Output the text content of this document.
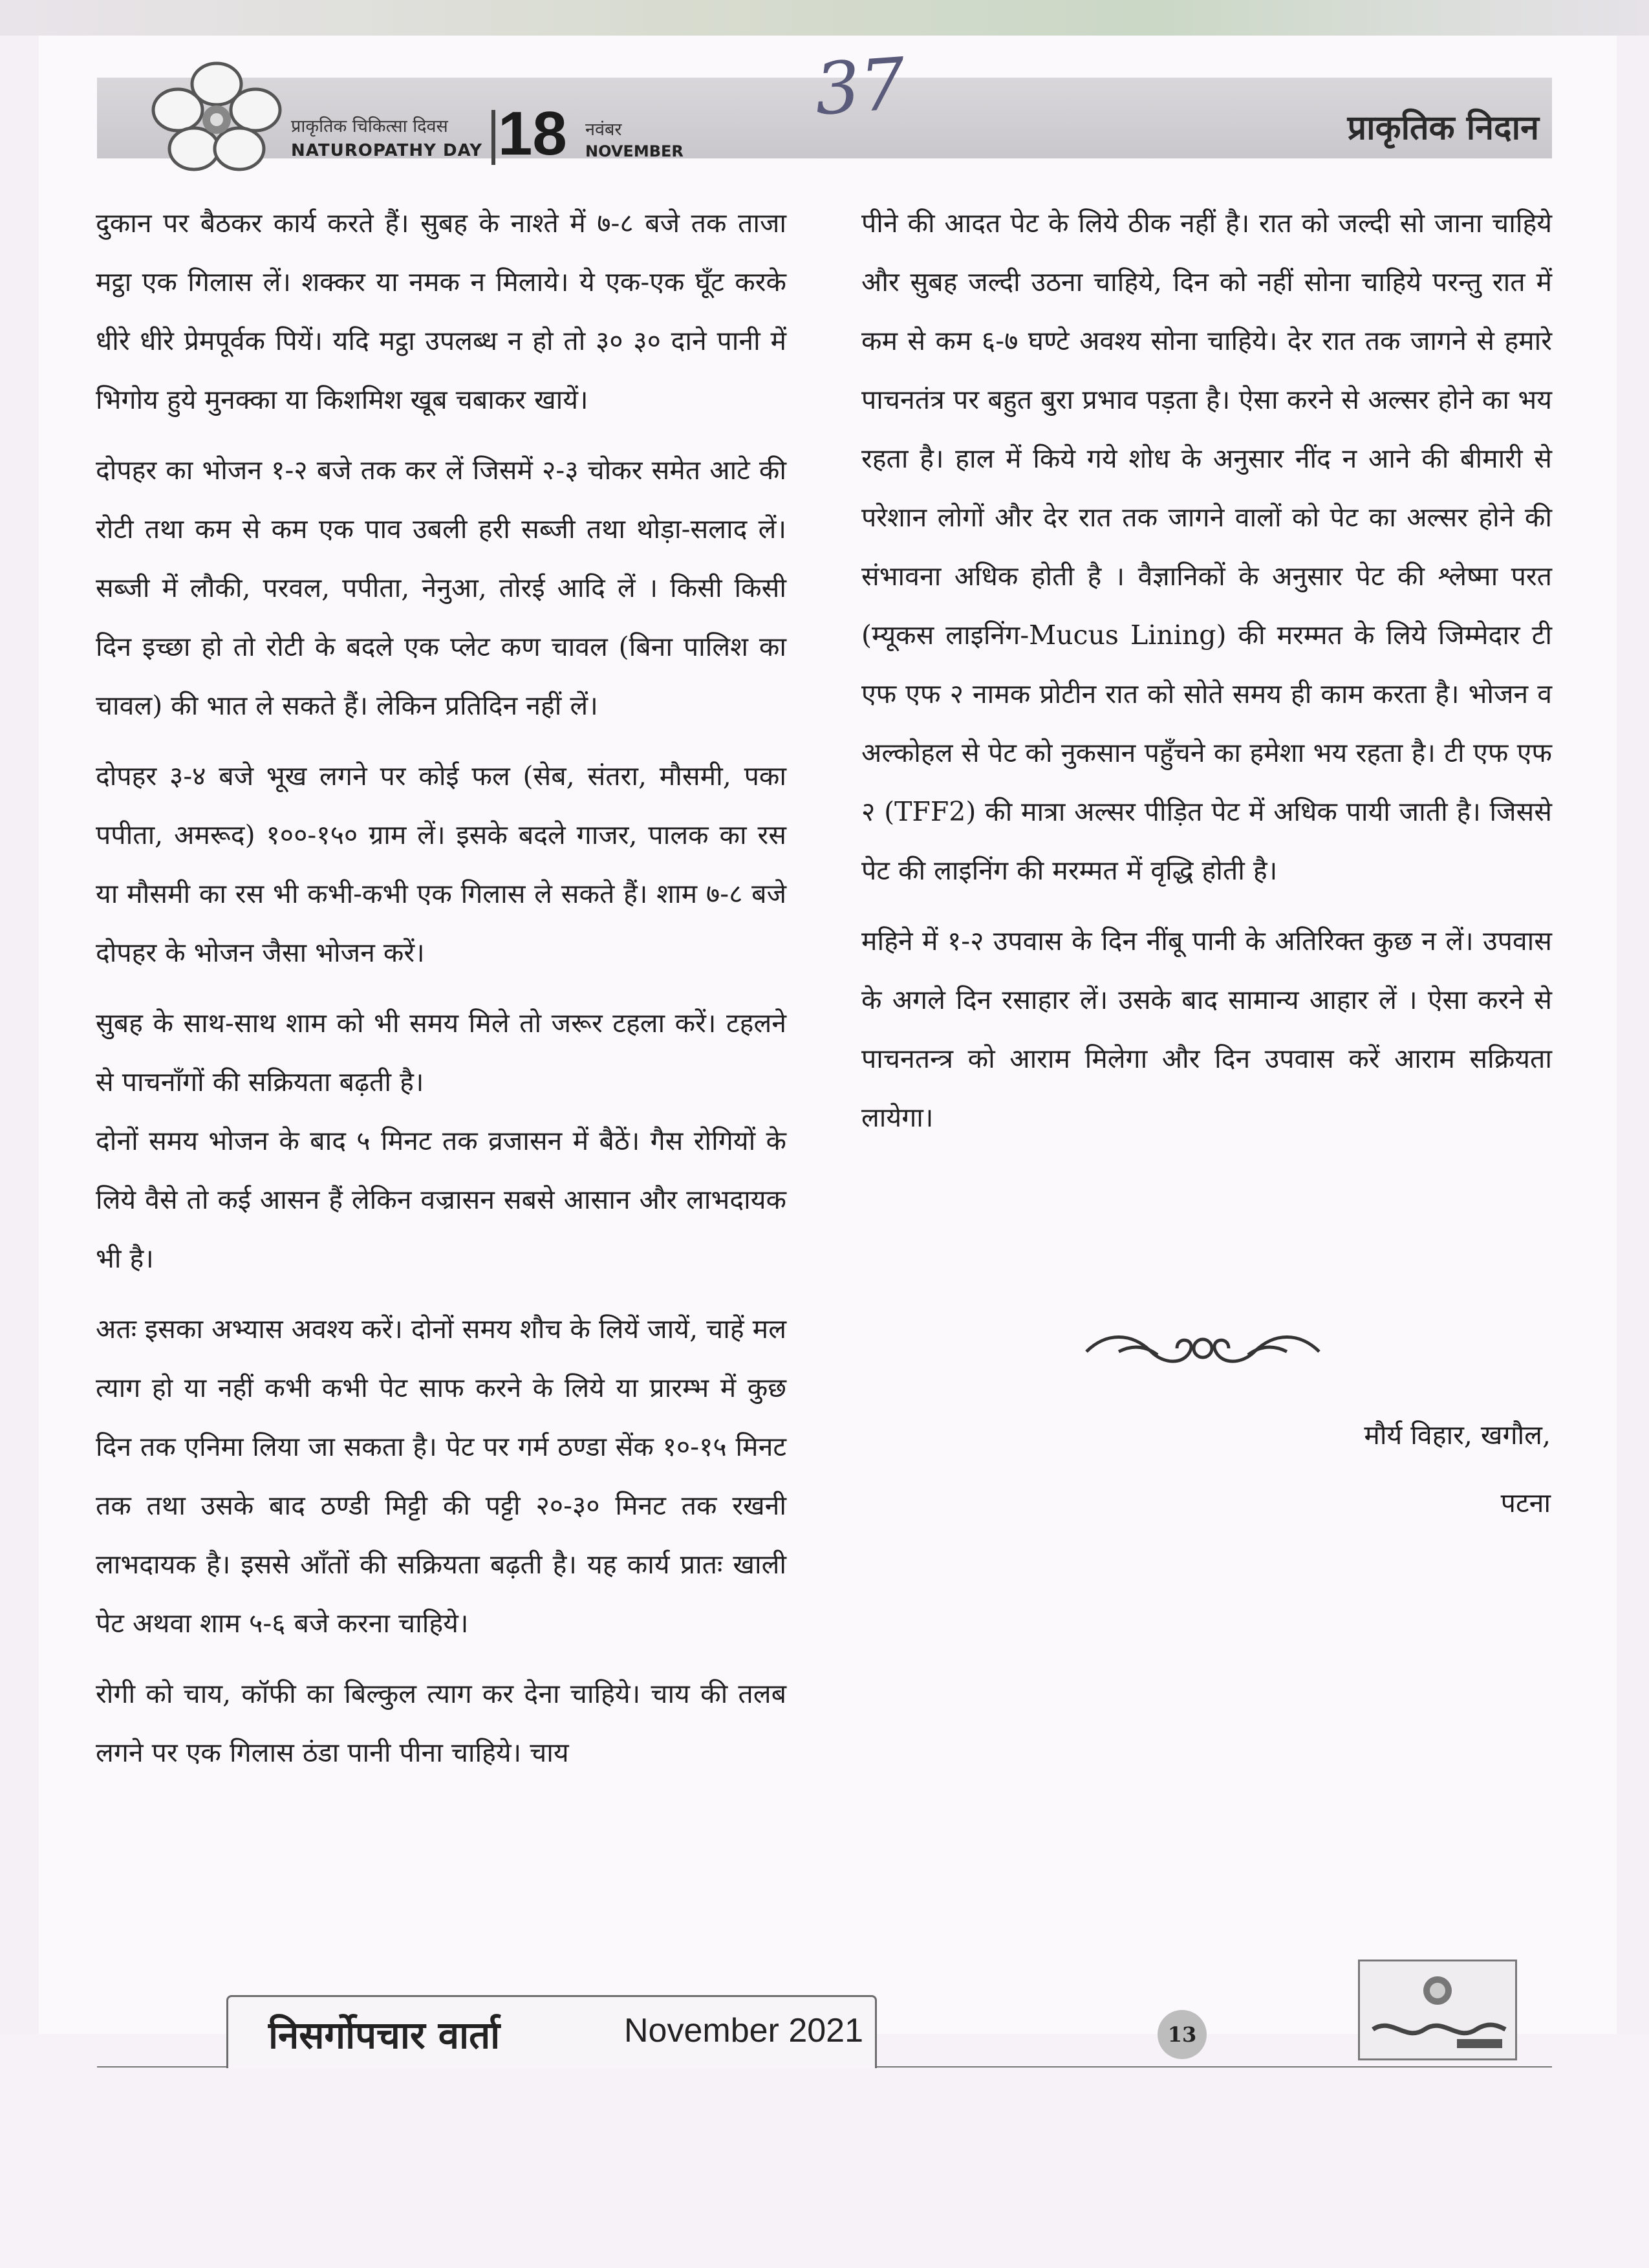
प्राकृतिक चिकित्सा दिवस
NATUROPATHY DAY 18 नवंबर
NOVEMBER
37	प्राकृतिक निदान

दुकान पर बैठकर कार्य करते हैं। सुबह के नाश्ते में ७-८ बजे तक ताजा मट्ठा एक गिलास लें। शक्कर या नमक न मिलाये। ये एक-एक घूँट करके धीरे धीरे प्रेमपूर्वक पियें। यदि मट्ठा उपलब्ध न हो तो ३० ३० दाने पानी में भिगोय हुये मुनक्का या किशमिश खूब चबाकर खायें।

दोपहर का भोजन १-२ बजे तक कर लें जिसमें २-३ चोकर समेत आटे की रोटी तथा कम से कम एक पाव उबली हरी सब्जी तथा थोड़ा-सलाद लें। सब्जी में लौकी, परवल, पपीता, नेनुआ, तोरई आदि लें । किसी किसी दिन इच्छा हो तो रोटी के बदले एक प्लेट कण चावल (बिना पालिश का चावल) की भात ले सकते हैं। लेकिन प्रतिदिन नहीं लें।

दोपहर ३-४ बजे भूख लगने पर कोई फल (सेब, संतरा, मौसमी, पका पपीता, अमरूद) १००-१५० ग्राम लें। इसके बदले गाजर, पालक का रस या मौसमी का रस भी कभी-कभी एक गिलास ले सकते हैं। शाम ७-८ बजे दोपहर के भोजन जैसा भोजन करें।

सुबह के साथ-साथ शाम को भी समय मिले तो जरूर टहला करें। टहलने से पाचनाँगों की सक्रियता बढ़ती है।

दोनों समय भोजन के बाद ५ मिनट तक व्रजासन में बैठें। गैस रोगियों के लिये वैसे तो कई आसन हैं लेकिन वज्रासन सबसे आसान और लाभदायक भी है।

अतः इसका अभ्यास अवश्य करें। दोनों समय शौच के लियें जायें, चाहें मल त्याग हो या नहीं कभी कभी पेट साफ करने के लिये या प्रारम्भ में कुछ दिन तक एनिमा लिया जा सकता है। पेट पर गर्म ठण्डा सेंक १०-१५ मिनट तक तथा उसके बाद ठण्डी मिट्टी की पट्टी २०-३० मिनट तक रखनी लाभदायक है। इससे आँतों की सक्रियता बढ़ती है। यह कार्य प्रातः खाली पेट अथवा शाम ५-६ बजे करना चाहिये।

रोगी को चाय, कॉफी का बिल्कुल त्याग कर देना चाहिये। चाय की तलब लगने पर एक गिलास ठंडा पानी पीना चाहिये। चाय

पीने की आदत पेट के लिये ठीक नहीं है। रात को जल्दी सो जाना चाहिये और सुबह जल्दी उठना चाहिये, दिन को नहीं सोना चाहिये परन्तु रात में कम से कम ६-७ घण्टे अवश्य सोना चाहिये। देर रात तक जागने से हमारे पाचनतंत्र पर बहुत बुरा प्रभाव पड़ता है। ऐसा करने से अल्सर होने का भय रहता है। हाल में किये गये शोध के अनुसार नींद न आने की बीमारी से परेशान लोगों और देर रात तक जागने वालों को पेट का अल्सर होने की संभावना अधिक होती है । वैज्ञानिकों के अनुसार पेट की श्लेष्मा परत (म्यूकस लाइनिंग-Mucus Lining) की मरम्मत के लिये जिम्मेदार टी एफ एफ २ नामक प्रोटीन रात को सोते समय ही काम करता है। भोजन व अल्कोहल से पेट को नुकसान पहुँचने का हमेशा भय रहता है। टी एफ एफ २ (TFF2) की मात्रा अल्सर पीड़ित पेट में अधिक पायी जाती है। जिससे पेट की लाइनिंग की मरम्मत में वृद्धि होती है।

महिने में १-२ उपवास के दिन नींबू पानी के अतिरिक्त कुछ न लें। उपवास के अगले दिन रसाहार लें। उसके बाद सामान्य आहार लें । ऐसा करने से पाचनतन्त्र को आराम मिलेगा और दिन उपवास करें आराम सक्रियता लायेगा।

मौर्य विहार, खगौल,
पटना
निसर्गोपचार वार्ता	November 2021	13
